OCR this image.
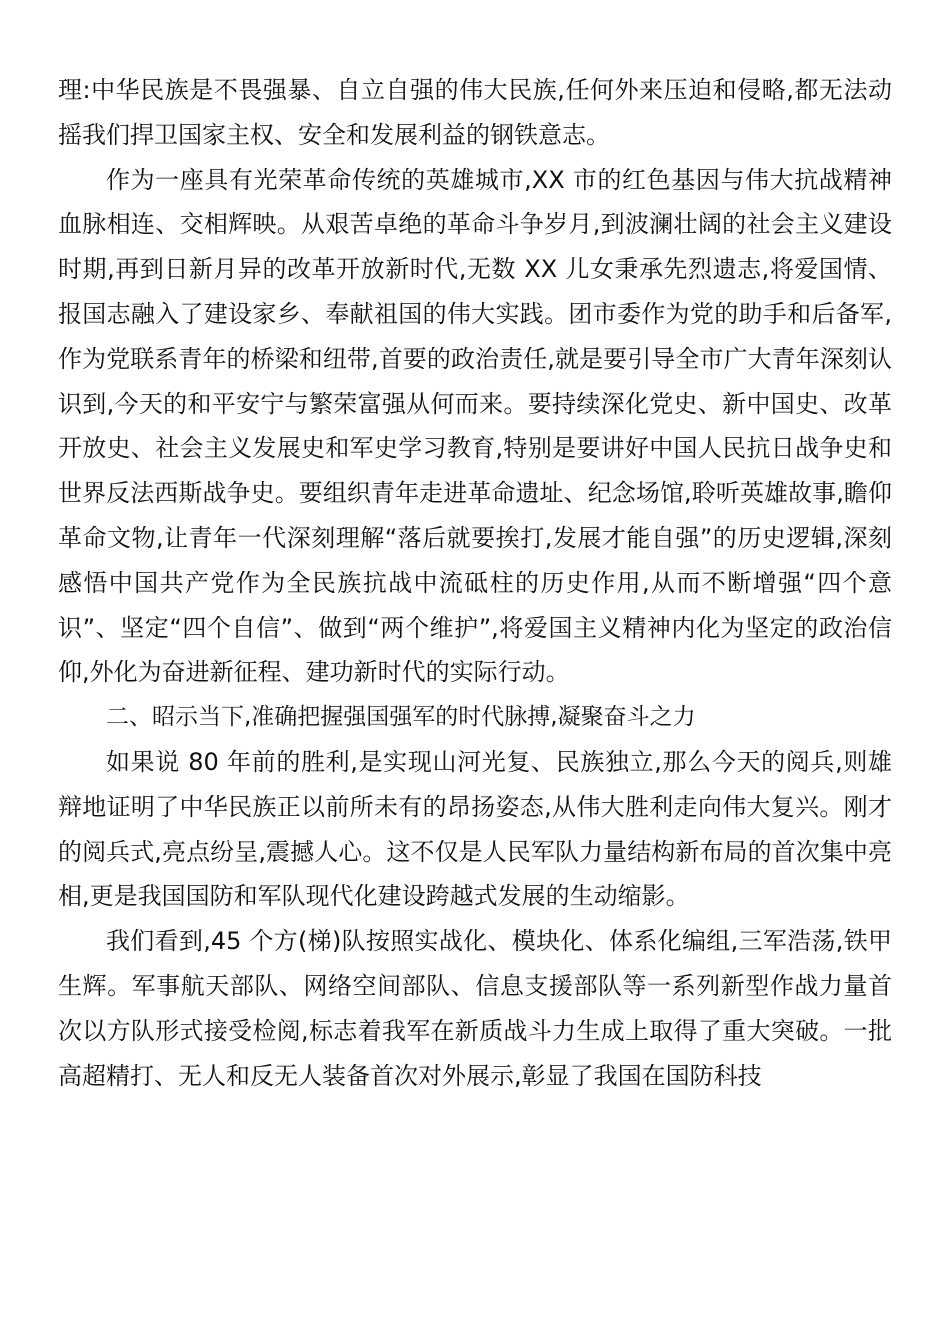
理:中华民族是不畏强暴、自立自强的伟大民族,任何外来压迫和侵略,都无法动摇我们捍卫国家主权、安全和发展利益的钢铁意志。

作为一座具有光荣革命传统的英雄城市,XX 市的红色基因与伟大抗战精神血脉相连、交相辉映。从艰苦卓绝的革命斗争岁月,到波澜壮阔的社会主义建设时期,再到日新月异的改革开放新时代,无数 XX 儿女秉承先烈遗志,将爱国情、报国志融入了建设家乡、奉献祖国的伟大实践。团市委作为党的助手和后备军,作为党联系青年的桥梁和纽带,首要的政治责任,就是要引导全市广大青年深刻认识到,今天的和平安宁与繁荣富强从何而来。要持续深化党史、新中国史、改革开放史、社会主义发展史和军史学习教育,特别是要讲好中国人民抗日战争史和世界反法西斯战争史。要组织青年走进革命遗址、纪念场馆,聆听英雄故事,瞻仰革命文物,让青年一代深刻理解“落后就要挨打,发展才能自强”的历史逻辑,深刻感悟中国共产党作为全民族抗战中流砥柱的历史作用,从而不断增强“四个意识”、坚定“四个自信”、做到“两个维护”,将爱国主义精神内化为坚定的政治信仰,外化为奋进新征程、建功新时代的实际行动。

二、昭示当下,准确把握强国强军的时代脉搏,凝聚奋斗之力

如果说 80 年前的胜利,是实现山河光复、民族独立,那么今天的阅兵,则雄辩地证明了中华民族正以前所未有的昂扬姿态,从伟大胜利走向伟大复兴。刚才的阅兵式,亮点纷呈,震撼人心。这不仅是人民军队力量结构新布局的首次集中亮相,更是我国国防和军队现代化建设跨越式发展的生动缩影。

我们看到,45 个方(梯)队按照实战化、模块化、体系化编组,三军浩荡,铁甲生辉。军事航天部队、网络空间部队、信息支援部队等一系列新型作战力量首次以方队形式接受检阅,标志着我军在新质战斗力生成上取得了重大突破。一批高超精打、无人和反无人装备首次对外展示,彰显了我国在国防科技
